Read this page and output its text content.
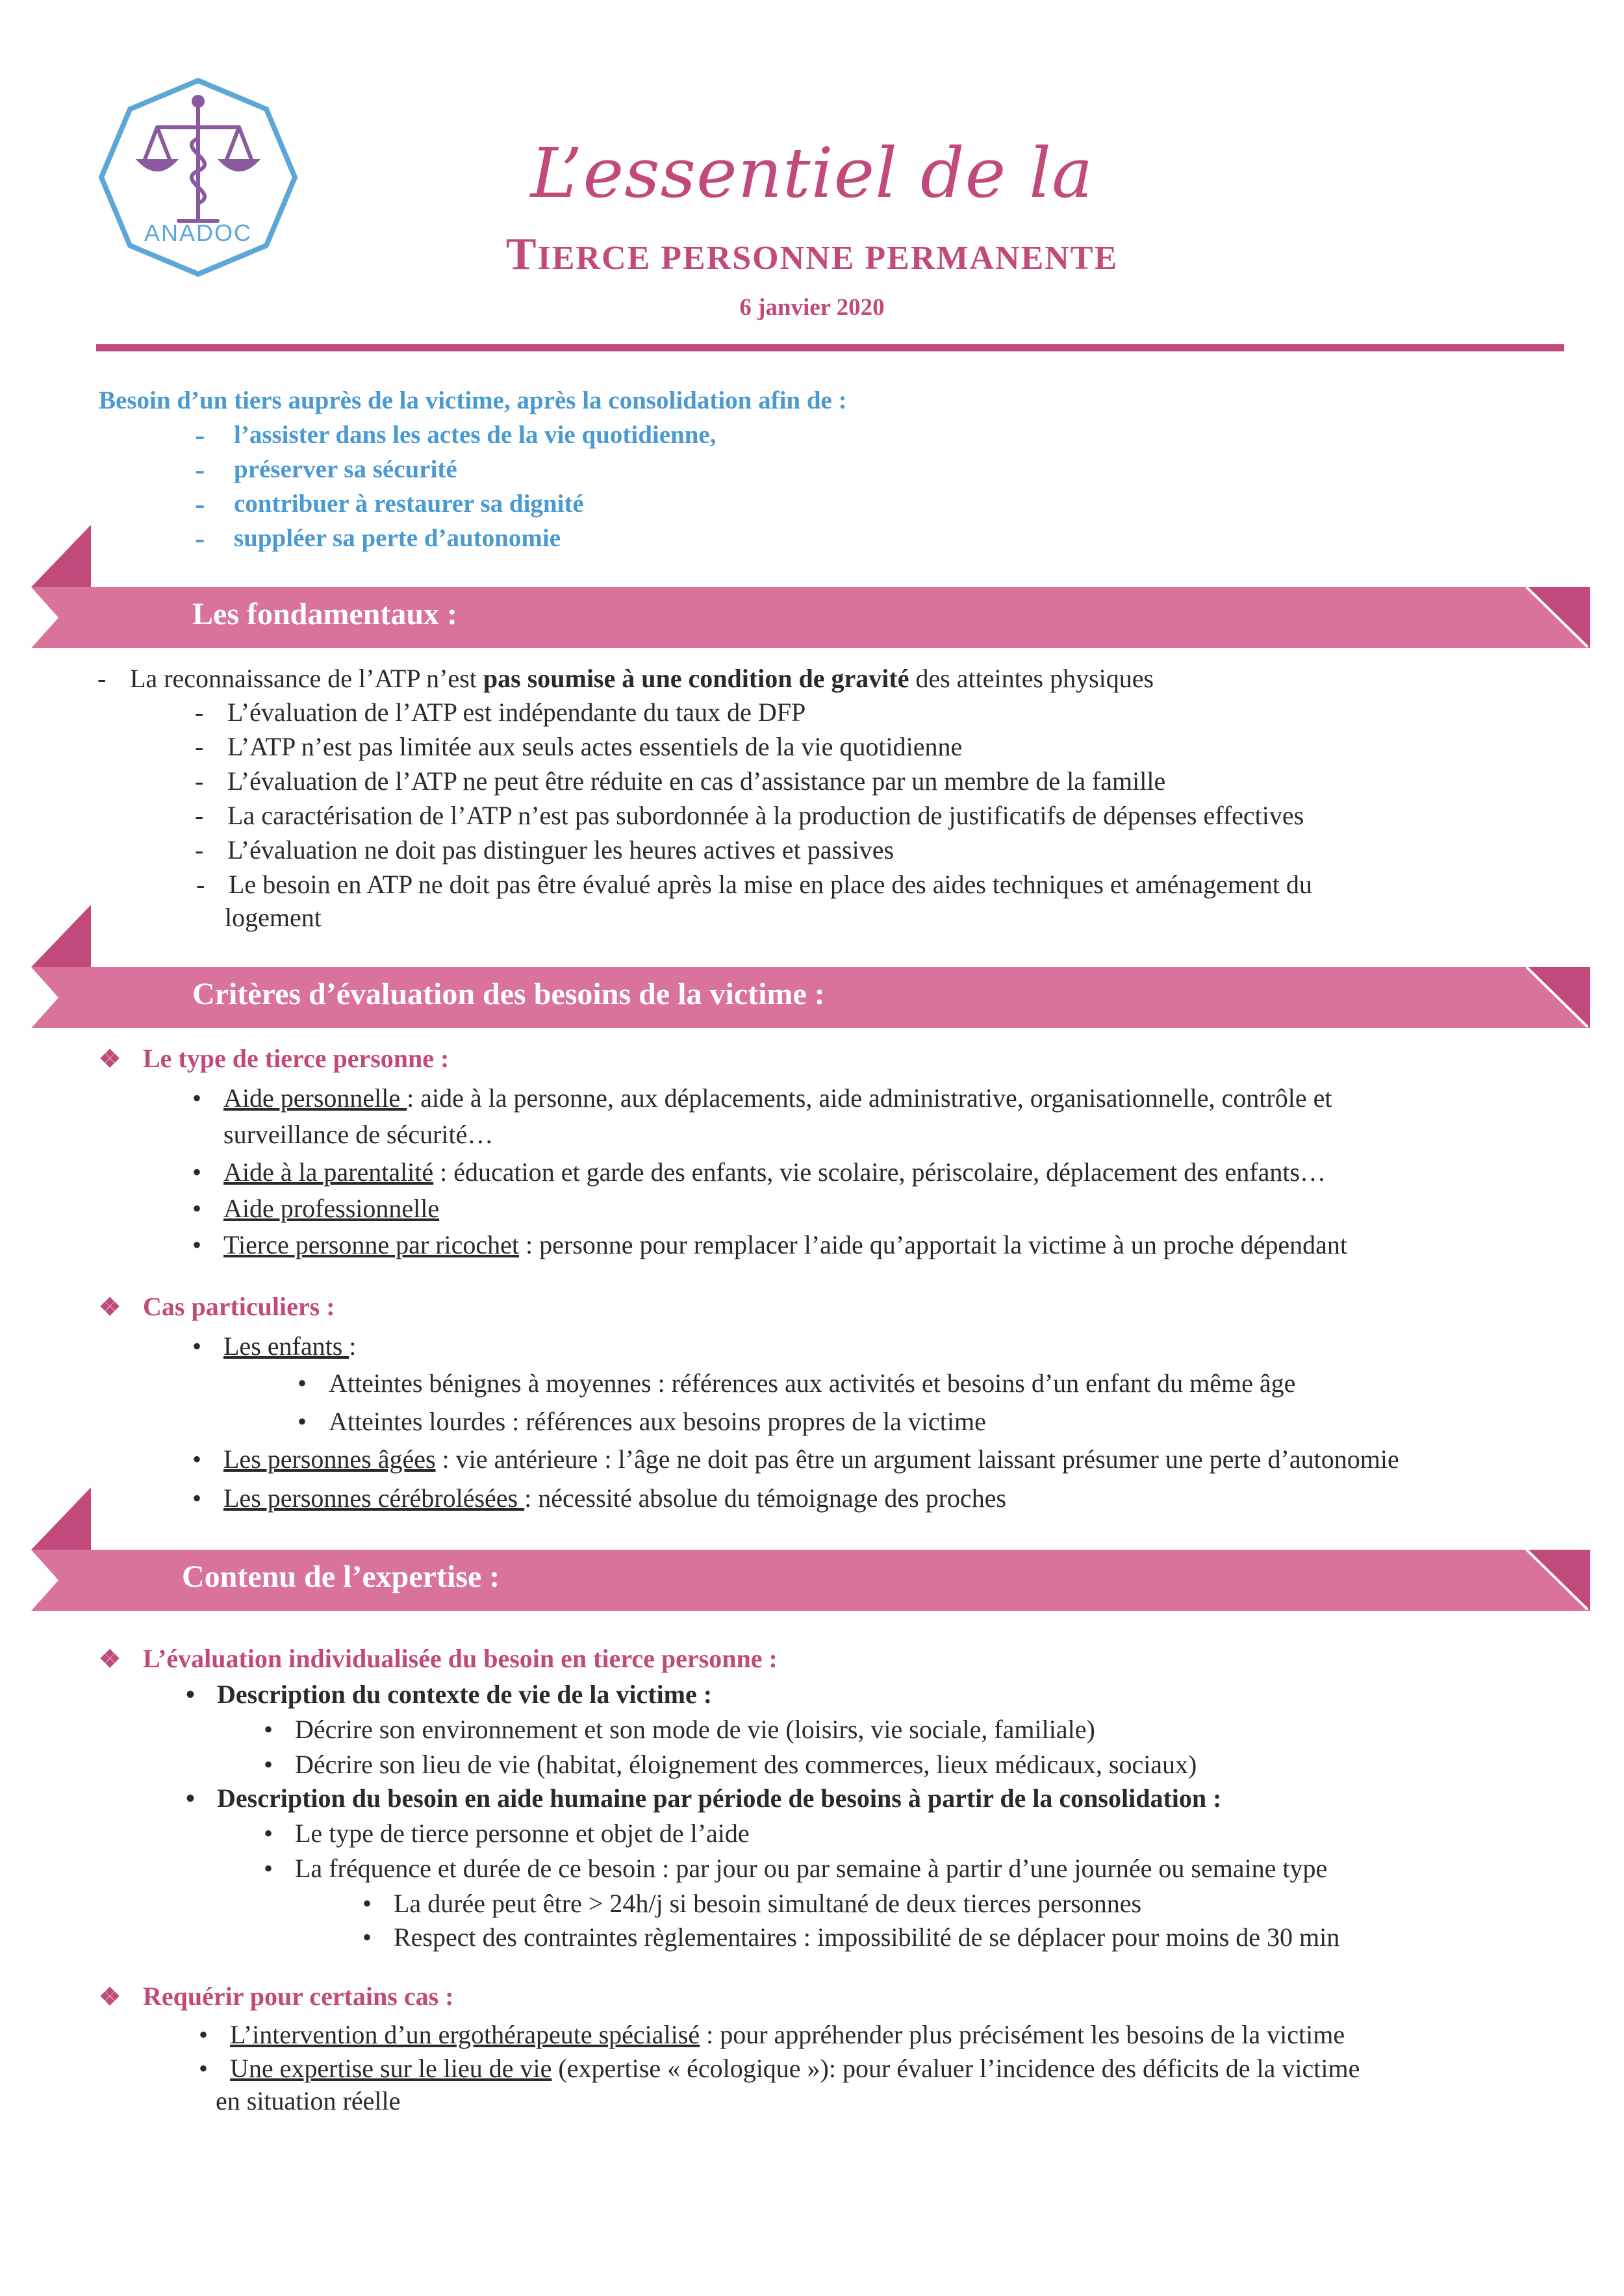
ANADOC
L’essentiel de la
TIERCE PERSONNE PERMANENTE
6 janvier 2020
Besoin d’un tiers auprès de la victime, après la consolidation afin de :
- l’assister dans les actes de la vie quotidienne,
- préserver sa sécurité
- contribuer à restaurer sa dignité
- suppléer sa perte d’autonomie
Les fondamentaux :
Critères d’évaluation des besoins de la victime :
Contenu de l’expertise :
- La reconnaissance de l’ATP n’est pas soumise à une condition de gravité des atteintes physiques
- L’évaluation de l’ATP est indépendante du taux de DFP
- L’ATP n’est pas limitée aux seuls actes essentiels de la vie quotidienne
- L’évaluation de l’ATP ne peut être réduite en cas d’assistance par un membre de la famille
- La caractérisation de l’ATP n’est pas subordonnée à la production de justificatifs de dépenses effectives
- L’évaluation ne doit pas distinguer les heures actives et passives
- Le besoin en ATP ne doit pas être évalué après la mise en place des aides techniques et aménagement du
logement
❖ Le type de tierce personne :
• Aide personnelle : aide à la personne, aux déplacements, aide administrative, organisationnelle, contrôle et
surveillance de sécurité…
• Aide à la parentalité : éducation et garde des enfants, vie scolaire, périscolaire, déplacement des enfants…
• Aide professionnelle
• Tierce personne par ricochet : personne pour remplacer l’aide qu’apportait la victime à un proche dépendant
❖ Cas particuliers :
• Les enfants :
• Atteintes bénignes à moyennes : références aux activités et besoins d’un enfant du même âge
• Atteintes lourdes : références aux besoins propres de la victime
• Les personnes âgées : vie antérieure : l’âge ne doit pas être un argument laissant présumer une perte d’autonomie
• Les personnes cérébrolésées : nécessité absolue du témoignage des proches
❖ L’évaluation individualisée du besoin en tierce personne :
• Description du contexte de vie de la victime :
• Décrire son environnement et son mode de vie (loisirs, vie sociale, familiale)
• Décrire son lieu de vie (habitat, éloignement des commerces, lieux médicaux, sociaux)
• Description du besoin en aide humaine par période de besoins à partir de la consolidation :
• Le type de tierce personne et objet de l’aide
• La fréquence et durée de ce besoin : par jour ou par semaine à partir d’une journée ou semaine type
• La durée peut être > 24h/j si besoin simultané de deux tierces personnes
• Respect des contraintes règlementaires : impossibilité de se déplacer pour moins de 30 min
❖ Requérir pour certains cas :
• L’intervention d’un ergothérapeute spécialisé : pour appréhender plus précisément les besoins de la victime
• Une expertise sur le lieu de vie (expertise « écologique »): pour évaluer l’incidence des déficits de la victime
en situation réelle
